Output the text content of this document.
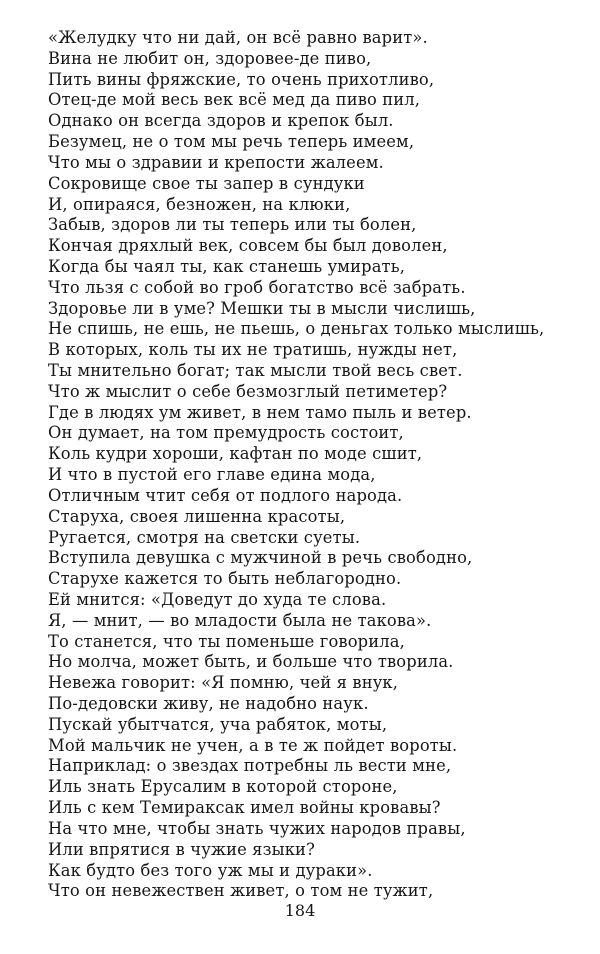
«Желудку что ни дай, он всё равно варит».
Вина не любит он, здоровее-де пиво,
Пить вины фряжские, то очень прихотливо,
Отец-де мой весь век всё мед да пиво пил,
Однако он всегда здоров и крепок был.
Безумец, не о том мы речь теперь имеем,
Что мы о здравии и крепости жалеем.
Сокровище свое ты запер в сундуки
И, опираяся, безножен, на клюки,
Забыв, здоров ли ты теперь или ты болен,
Кончая дряхлый век, совсем бы был доволен,
Когда бы чаял ты, как станешь умирать,
Что льзя с собой во гроб богатство всё забрать.
Здоровье ли в уме? Мешки ты в мысли числишь,
Не спишь, не ешь, не пьешь, о деньгах только мыслишь,
В которых, коль ты их не тратишь, нужды нет,
Ты мнительно богат; так мысли твой весь свет.
Что ж мыслит о себе безмозглый петиметер?
Где в людях ум живет, в нем тамо пыль и ветер.
Он думает, на том премудрость состоит,
Коль кудри хороши, кафтан по моде сшит,
И что в пустой его главе едина мода,
Отличным чтит себя от подлого народа.
Старуха, своея лишенна красоты,
Ругается, смотря на светски суеты.
Вступила девушка с мужчиной в речь свободно,
Старухе кажется то быть неблагородно.
Ей мнится: «Доведут до худа те слова.
Я, — мнит, — во младости была не такова».
То станется, что ты поменьше говорила,
Но молча, может быть, и больше что творила.
Невежа говорит: «Я помню, чей я внук,
По-дедовски живу, не надобно наук.
Пускай убытчатся, уча рабяток, моты,
Мой мальчик не учен, а в те ж пойдет вороты.
Наприклад: о звездах потребны ль вести мне,
Иль знать Ерусалим в которой стороне,
Иль с кем Темираксак имел войны кровавы?
На что мне, чтобы знать чужих народов правы,
Или впрятися в чужие языки?
Как будто без того уж мы и дураки».
Что он невежествен живет, о том не тужит,
184
